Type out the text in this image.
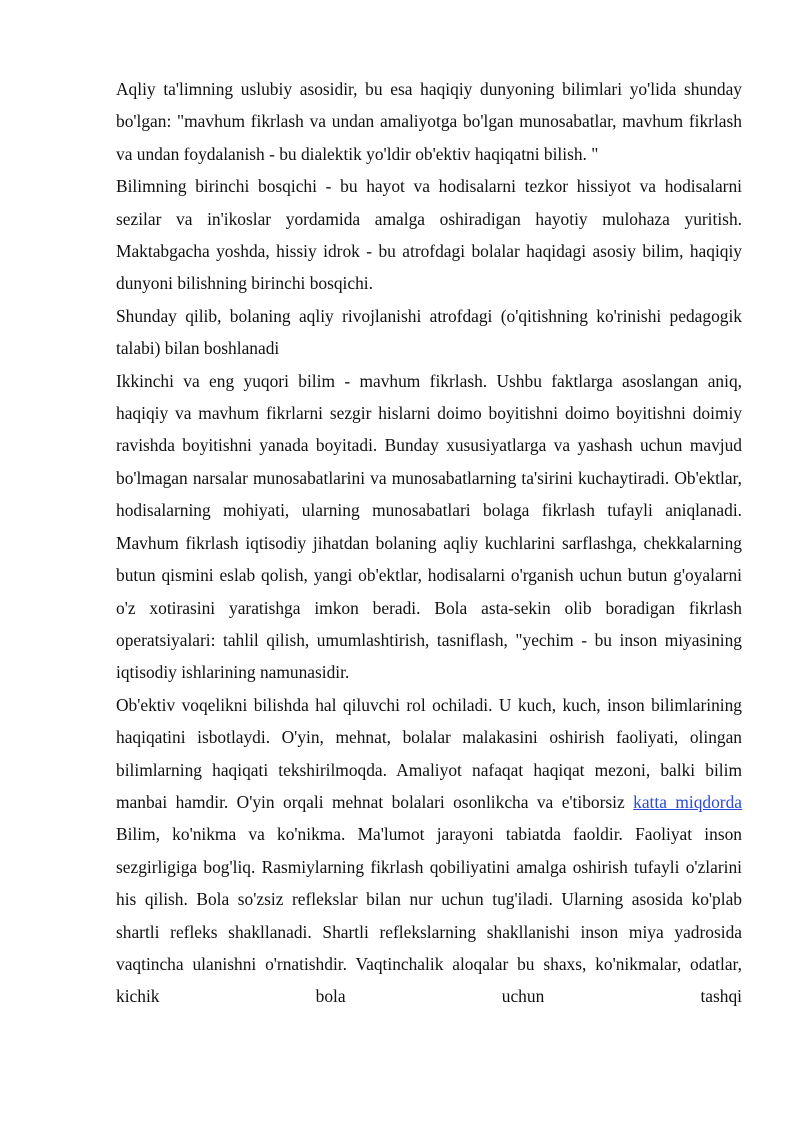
Aqliy ta'limning uslubiy asosidir, bu esa haqiqiy dunyoning bilimlari yo'lida shunday bo'lgan: "mavhum fikrlash va undan amaliyotga bo'lgan munosabatlar, mavhum fikrlash va undan foydalanish - bu dialektik yo'ldir ob'ektiv haqiqatni bilish. "

Bilimning birinchi bosqichi - bu hayot va hodisalarni tezkor hissiyot va hodisalarni sezilar va in'ikoslar yordamida amalga oshiradigan hayotiy mulohaza yuritish. Maktabgacha yoshda, hissiy idrok - bu atrofdagi bolalar haqidagi asosiy bilim, haqiqiy dunyoni bilishning birinchi bosqichi.

Shunday qilib, bolaning aqliy rivojlanishi atrofdagi (o'qitishning ko'rinishi pedagogik talabi) bilan boshlanadi

Ikkinchi va eng yuqori bilim - mavhum fikrlash. Ushbu faktlarga asoslangan aniq, haqiqiy va mavhum fikrlarni sezgir hislarni doimo boyitishni doimo boyitishni doimiy ravishda boyitishni yanada boyitadi. Bunday xususiyatlarga va yashash uchun mavjud bo'lmagan narsalar munosabatlarini va munosabatlarning ta'sirini kuchaytiradi. Ob'ektlar, hodisalarning mohiyati, ularning munosabatlari bolaga fikrlash tufayli aniqlanadi. Mavhum fikrlash iqtisodiy jihatdan bolaning aqliy kuchlarini sarflashga, chekkalarning butun qismini eslab qolish, yangi ob'ektlar, hodisalarni o'rganish uchun butun g'oyalarni o'z xotirasini yaratishga imkon beradi. Bola asta-sekin olib boradigan fikrlash operatsiyalari: tahlil qilish, umumlashtirish, tasniflash, "yechim - bu inson miyasining iqtisodiy ishlarining namunasidir.

Ob'ektiv voqelikni bilishda hal qiluvchi rol ochiladi. U kuch, kuch, inson bilimlarining haqiqatini isbotlaydi. O'yin, mehnat, bolalar malakasini oshirish faoliyati, olingan bilimlarning haqiqati tekshirilmoqda. Amaliyot nafaqat haqiqat mezoni, balki bilim manbai hamdir. O'yin orqali mehnat bolalari osonlikcha va e'tiborsiz katta miqdorda Bilim, ko'nikma va ko'nikma. Ma'lumot jarayoni tabiatda faoldir. Faoliyat inson sezgirligiga bog'liq. Rasmiylarning fikrlash qobiliyatini amalga oshirish tufayli o'zlarini his qilish. Bola so'zsiz reflekslar bilan nur uchun tug'iladi. Ularning asosida ko'plab shartli refleks shakllanadi. Shartli reflekslarning shakllanishi inson miya yadrosida vaqtincha ulanishni o'rnatishdir. Vaqtinchalik aloqalar bu shaxs, ko'nikmalar, odatlar, kichik bola uchun tashqi
